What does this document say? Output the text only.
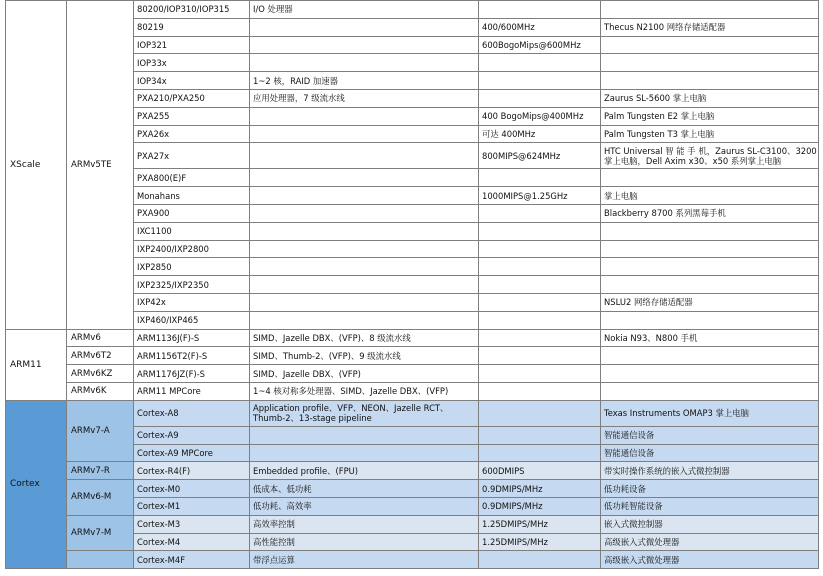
XScale	ARMv5TE	80200/IOP310/IOP315	I/O 处理器		
		80219		400/600MHz	Thecus N2100 网络存储适配器
		IOP321		600BogoMips@600MHz	
		IOP33x			
		IOP34x	1~2 核，RAID 加速器		
		PXA210/PXA250	应用处理器，7 级流水线		Zaurus SL-5600 掌上电脑
		PXA255		400 BogoMips@400MHz	Palm Tungsten E2 掌上电脑
		PXA26x		可达 400MHz	Palm Tungsten T3 掌上电脑
		PXA27x		800MIPS@624MHz	HTC Universal 智 能 手 机，Zaurus SL-C3100、3200 掌上电脑，Dell Axim x30、x50 系列掌上电脑
		PXA800(E)F			
		Monahans		1000MIPS@1.25GHz	掌上电脑
		PXA900			Blackberry 8700 系列黑莓手机
		IXC1100			
		IXP2400/IXP2800			
		IXP2850			
		IXP2325/IXP2350			
		IXP42x			NSLU2 网络存储适配器
		IXP460/IXP465			
ARM11	ARMv6	ARM1136J(F)-S	SIMD、Jazelle DBX、(VFP)、8 级流水线		Nokia N93、N800 手机
	ARMv6T2	ARM1156T2(F)-S	SIMD、Thumb-2、(VFP)、9 级流水线		
	ARMv6KZ	ARM1176JZ(F)-S	SIMD、Jazelle DBX、(VFP)		
	ARMv6K	ARM11 MPCore	1~4 核对称多处理器、SIMD、Jazelle DBX、(VFP)		
Cortex	ARMv7-A	Cortex-A8	Application profile、VFP、NEON、Jazelle RCT、Thumb-2、13-stage pipeline		Texas Instruments OMAP3 掌上电脑
		Cortex-A9			智能通信设备
		Cortex-A9 MPCore			智能通信设备
	ARMv7-R	Cortex-R4(F)	Embedded profile、(FPU)	600DMIPS	带实时操作系统的嵌入式微控制器
	ARMv6-M	Cortex-M0	低成本、低功耗	0.9DMIPS/MHz	低功耗设备
		Cortex-M1	低功耗、高效率	0.9DMIPS/MHz	低功耗智能设备
	ARMv7-M	Cortex-M3	高效率控制	1.25DMIPS/MHz	嵌入式微控制器
		Cortex-M4	高性能控制	1.25DMIPS/MHz	高级嵌入式微处理器
		Cortex-M4F	带浮点运算		高级嵌入式微处理器
